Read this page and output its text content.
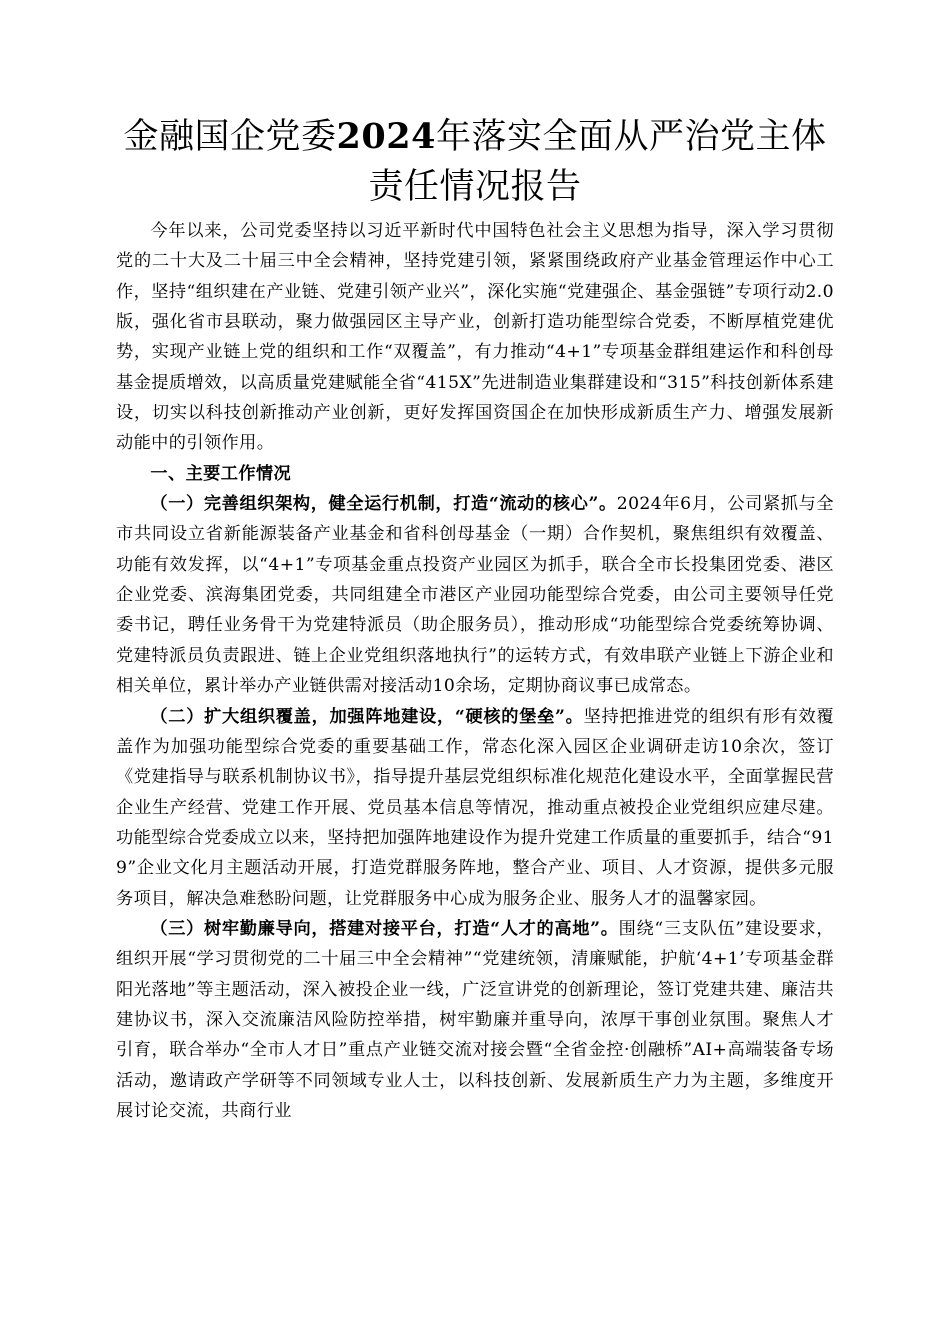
金融国企党委2024年落实全面从严治党主体责任情况报告

今年以来，公司党委坚持以习近平新时代中国特色社会主义思想为指导，深入学习贯彻党的二十大及二十届三中全会精神，坚持党建引领，紧紧围绕政府产业基金管理运作中心工作，坚持“组织建在产业链、党建引领产业兴”，深化实施“党建强企、基金强链”专项行动2.0版，强化省市县联动，聚力做强园区主导产业，创新打造功能型综合党委，不断厚植党建优势，实现产业链上党的组织和工作“双覆盖”，有力推动“4+1”专项基金群组建运作和科创母基金提质增效，以高质量党建赋能全省“415X”先进制造业集群建设和“315”科技创新体系建设，切实以科技创新推动产业创新，更好发挥国资国企在加快形成新质生产力、增强发展新动能中的引领作用。

一、主要工作情况

（一）完善组织架构，健全运行机制，打造“流动的核心”。2024年6月，公司紧抓与全市共同设立省新能源装备产业基金和省科创母基金（一期）合作契机，聚焦组织有效覆盖、功能有效发挥，以“4+1”专项基金重点投资产业园区为抓手，联合全市长投集团党委、港区企业党委、滨海集团党委，共同组建全市港区产业园功能型综合党委，由公司主要领导任党委书记，聘任业务骨干为党建特派员（助企服务员），推动形成“功能型综合党委统筹协调、党建特派员负责跟进、链上企业党组织落地执行”的运转方式，有效串联产业链上下游企业和相关单位，累计举办产业链供需对接活动10余场，定期协商议事已成常态。

（二）扩大组织覆盖，加强阵地建设，“硬核的堡垒”。坚持把推进党的组织有形有效覆盖作为加强功能型综合党委的重要基础工作，常态化深入园区企业调研走访10余次，签订《党建指导与联系机制协议书》，指导提升基层党组织标准化规范化建设水平，全面掌握民营企业生产经营、党建工作开展、党员基本信息等情况，推动重点被投企业党组织应建尽建。功能型综合党委成立以来，坚持把加强阵地建设作为提升党建工作质量的重要抓手，结合“919”企业文化月主题活动开展，打造党群服务阵地，整合产业、项目、人才资源，提供多元服务项目，解决急难愁盼问题，让党群服务中心成为服务企业、服务人才的温馨家园。

（三）树牢勤廉导向，搭建对接平台，打造“人才的高地”。围绕“三支队伍”建设要求，组织开展“学习贯彻党的二十届三中全会精神”“党建统领，清廉赋能，护航‘4+1’专项基金群阳光落地”等主题活动，深入被投企业一线，广泛宣讲党的创新理论，签订党建共建、廉洁共建协议书，深入交流廉洁风险防控举措，树牢勤廉并重导向，浓厚干事创业氛围。聚焦人才引育，联合举办“全市人才日”重点产业链交流对接会暨“全省金控·创融桥”AI+高端装备专场活动，邀请政产学研等不同领域专业人士，以科技创新、发展新质生产力为主题，多维度开展讨论交流，共商行业
